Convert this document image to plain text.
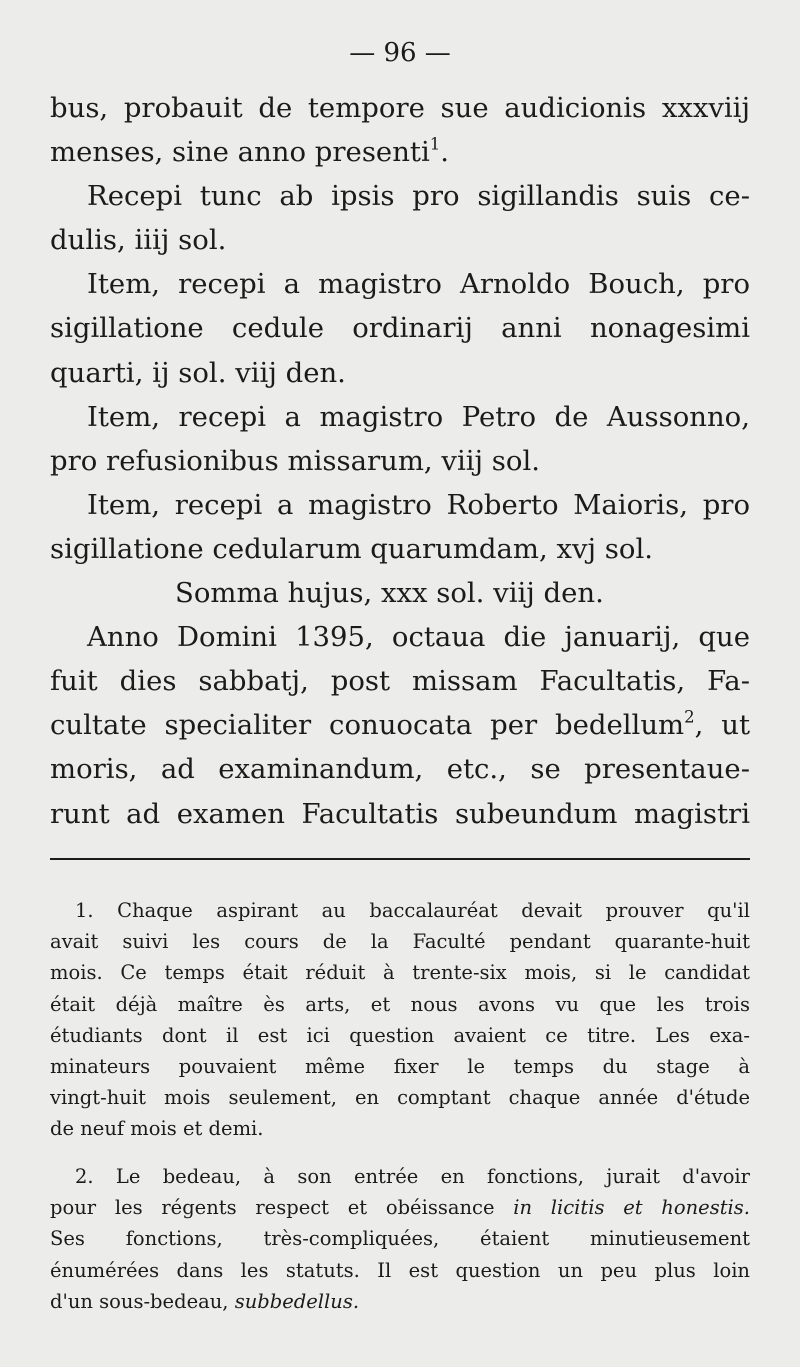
— 96 —
bus, probauit de tempore sue audicionis xxxviij
menses, sine anno presenti$^1$.
Recepi tunc ab ipsis pro sigillandis suis ce-
dulis, iiij sol.
Item, recepi a magistro Arnoldo Bouch, pro
sigillatione cedule ordinarij anni nonagesimi
quarti, ij sol. viij den.
Item, recepi a magistro Petro de Aussonno,
pro refusionibus missarum, viij sol.
Item, recepi a magistro Roberto Maioris, pro
sigillatione cedularum quarumdam, xvj sol.
Somma hujus, xxx sol. viij den.
Anno Domini 1395, octaua die januarij, que
fuit dies sabbatj, post missam Facultatis, Fa-
cultate specialiter conuocata per bedellum$^2$, ut
moris, ad examinandum, etc., se presentaue-
runt ad examen Facultatis subeundum magistri
1. Chaque aspirant au baccalauréat devait prouver qu'il
avait suivi les cours de la Faculté pendant quarante-huit
mois. Ce temps était réduit à trente-six mois, si le candidat
était déjà maître ès arts, et nous avons vu que les trois
étudiants dont il est ici question avaient ce titre. Les exa-
minateurs pouvaient même fixer le temps du stage à
vingt-huit mois seulement, en comptant chaque année d'étude
de neuf mois et demi.
2. Le bedeau, à son entrée en fonctions, jurait d'avoir
pour les régents respect et obéissance in licitis et honestis.
Ses fonctions, très-compliquées, étaient minutieusement
énumérées dans les statuts. Il est question un peu plus loin
d'un sous-bedeau, subbedellus.
